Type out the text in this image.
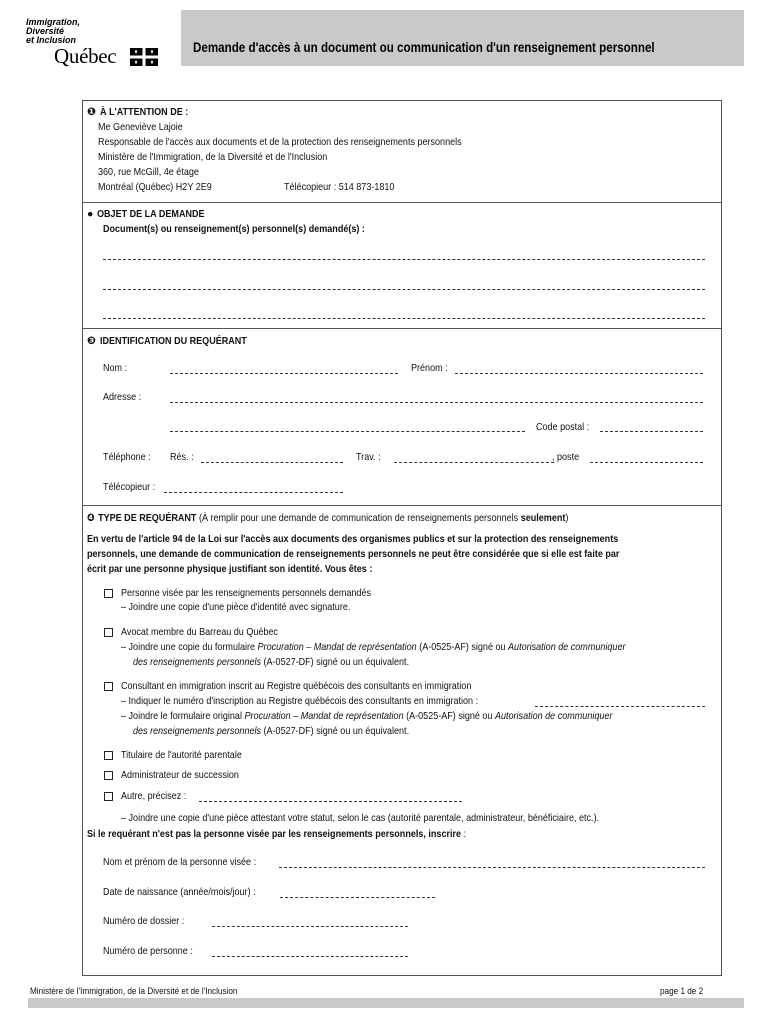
Immigration,
Diversité
et Inclusion
Québec	Demande d'accès à un document ou communication d'un renseignement personnel
❶ À L'ATTENTION DE :
Me Geneviève Lajoie
Responsable de l'accès aux documents et de la protection des renseignements personnels
Ministère de l'Immigration, de la Diversité et de l'Inclusion
360, rue McGill, 4e étage
Montréal (Québec) H2Y 2E9	Télécopieur : 514 873-1810
● OBJET DE LA DEMANDE
Document(s) ou renseignement(s) personnel(s) demandé(s) :
❸ IDENTIFICATION DU REQUÉRANT
Nom :	Prénom :
Adresse :
Code postal :
Téléphone :	Rés. :	Trav. :	, poste
Télécopieur :
❹ TYPE DE REQUÉRANT (À remplir pour une demande de communication de renseignements personnels seulement)
En vertu de l'article 94 de la Loi sur l'accès aux documents des organismes publics et sur la protection des renseignements
personnels, une demande de communication de renseignements personnels ne peut être considérée que si elle est faite par
écrit par une personne physique justifiant son identité. Vous êtes :
Personne visée par les renseignements personnels demandés
– Joindre une copie d'une pièce d'identité avec signature.
Avocat membre du Barreau du Québec
– Joindre une copie du formulaire Procuration – Mandat de représentation (A-0525-AF) signé ou Autorisation de communiquer
des renseignements personnels (A-0527-DF) signé ou un équivalent.
Consultant en immigration inscrit au Registre québécois des consultants en immigration
– Indiquer le numéro d'inscription au Registre québécois des consultants en immigration :
– Joindre le formulaire original Procuration – Mandat de représentation (A-0525-AF) signé ou Autorisation de communiquer
des renseignements personnels (A-0527-DF) signé ou un équivalent.
Titulaire de l'autorité parentale
Administrateur de succession
Autre, précisez :
– Joindre une copie d'une pièce attestant votre statut, selon le cas (autorité parentale, administrateur, bénéficiaire, etc.).
Si le requérant n'est pas la personne visée par les renseignements personnels, inscrire :
Nom et prénom de la personne visée :
Date de naissance (année/mois/jour) :
Numéro de dossier :
Numéro de personne :
Ministère de l'Immigration, de la Diversité et de l'Inclusion	page 1 de 2
